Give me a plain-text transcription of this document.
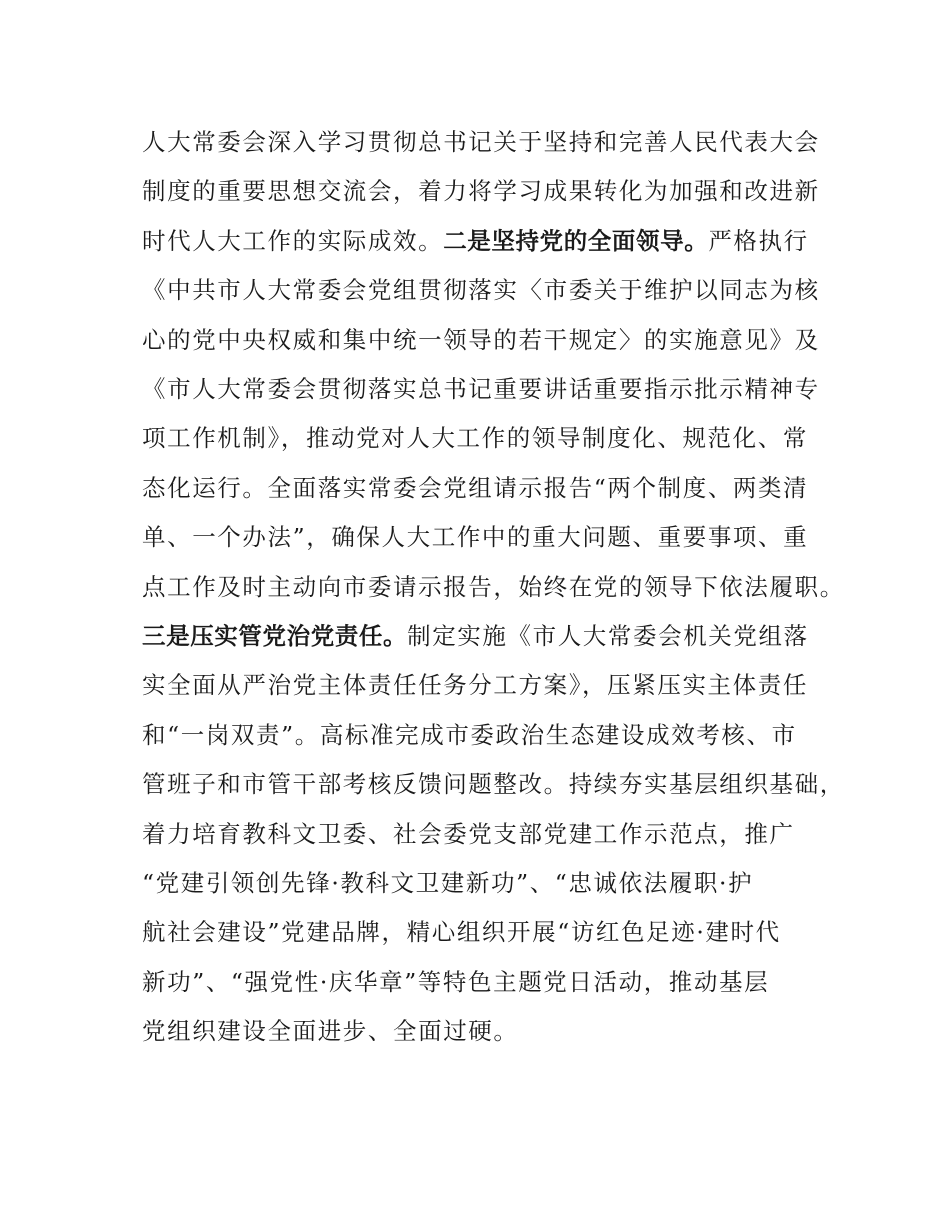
人大常委会深入学习贯彻总书记关于坚持和完善人民代表大会
制度的重要思想交流会，着力将学习成果转化为加强和改进新
时代人大工作的实际成效。二是坚持党的全面领导。严格执行
《中共市人大常委会党组贯彻落实〈市委关于维护以同志为核
心的党中央权威和集中统一领导的若干规定〉的实施意见》及
《市人大常委会贯彻落实总书记重要讲话重要指示批示精神专
项工作机制》，推动党对人大工作的领导制度化、规范化、常
态化运行。全面落实常委会党组请示报告“两个制度、两类清
单、一个办法”，确保人大工作中的重大问题、重要事项、重
点工作及时主动向市委请示报告，始终在党的领导下依法履职。
三是压实管党治党责任。制定实施《市人大常委会机关党组落
实全面从严治党主体责任任务分工方案》，压紧压实主体责任
和“一岗双责”。高标准完成市委政治生态建设成效考核、市
管班子和市管干部考核反馈问题整改。持续夯实基层组织基础，
着力培育教科文卫委、社会委党支部党建工作示范点，推广
“党建引领创先锋·教科文卫建新功”、“忠诚依法履职·护
航社会建设”党建品牌，精心组织开展“访红色足迹·建时代
新功”、“强党性·庆华章”等特色主题党日活动，推动基层
党组织建设全面进步、全面过硬。
